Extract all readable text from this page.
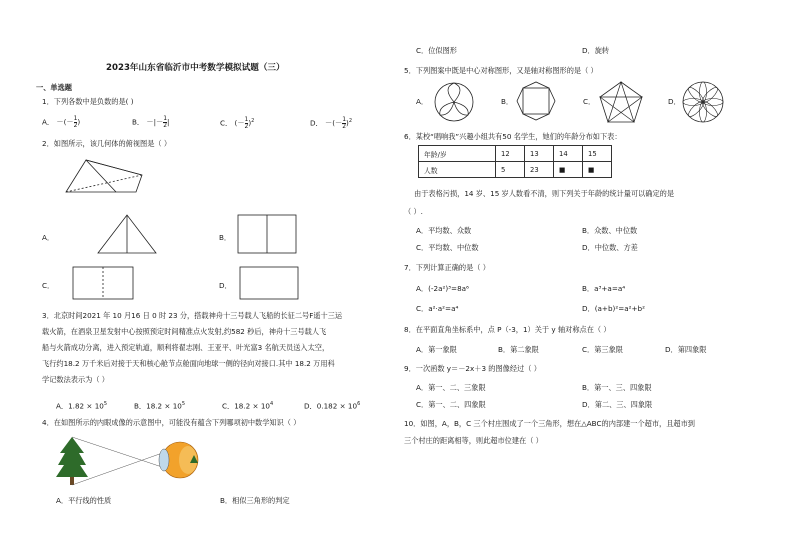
2023年山东省临沂市中考数学模拟试题（三）
一、单选题
1．下列各数中是负数的是( )
A． －(－ $\frac{1}{2}$ )	B． －|－ $\frac{1}{2}$ |	C． (－ $\frac{1}{2} )^2$	D． －(－ $\frac{1}{2} )^2$
2．如图所示，该几何体的俯视图是（ ）
A．	B．
C．	D．
3．北京时间2021 年 10 月16 日 0 时 23 分，搭载神舟十三号载人飞船的长征二号F遥十三运
载火箭，在酒泉卫星发射中心按照预定时间精准点火发射,约582 秒后，神舟十三号载人飞
船与火箭成功分离，进入预定轨道，顺利将翟志刚、王亚平、叶光富3 名航天员送入太空，
飞行约18.2 万千米后对接于天和核心舱节点舱面向地球一侧的径向对接口.其中 18.2 万用科
学记数法表示为（ ）
A．$1.82 \times 10^5$	B．$18.2 \times 10^5$	C．$18.2 \times 10^4$	D．$0.182 \times 10^6$
4．在如图所示的内眼成像的示意图中，可能没有蕴含下列哪项初中数学知识（ ）
A．平行线的性质	B．相似三角形的判定
C．位似图形	D．旋转
5．下列图案中既是中心对称图形，又是轴对称图形的是（ ）
A．	B．	C．	D．
6．某校“唱响我”兴趣小组共有50 名学生，她们的年龄分布如下表：
年龄/岁	12	13	14	15
人数	5	23	■	■
由于表格污损，14 岁、15 岁人数看不清，则下列关于年龄的统计量可以确定的是
（ ）.
A．平均数、众数	B．众数、中位数
C．平均数、中位数	D．中位数、方差
7．下列计算正确的是（ ）
A．(-2a²)³=8a⁶	B．a³+a=a⁴
C．a²·a²=a⁴	D．(a+b)²=a²+b²
8．在平面直角坐标系中，点 P（-3，1）关于 y 轴对称点在（ ）
A．第一象限	B．第二象限	C．第三象限	D．第四象限
9．一次函数 y＝－2x＋3 的图像经过（ ）
A．第一、二、三象限	B．第一、三、四象限
C．第一、二、四象限	D．第二、三、四象限
10．如图，A，B，C 三个村庄围成了一个三角形，想在△ABC的内部建一个超市，且超市到
三个村庄的距离相等，则此超市位建在（ ）
